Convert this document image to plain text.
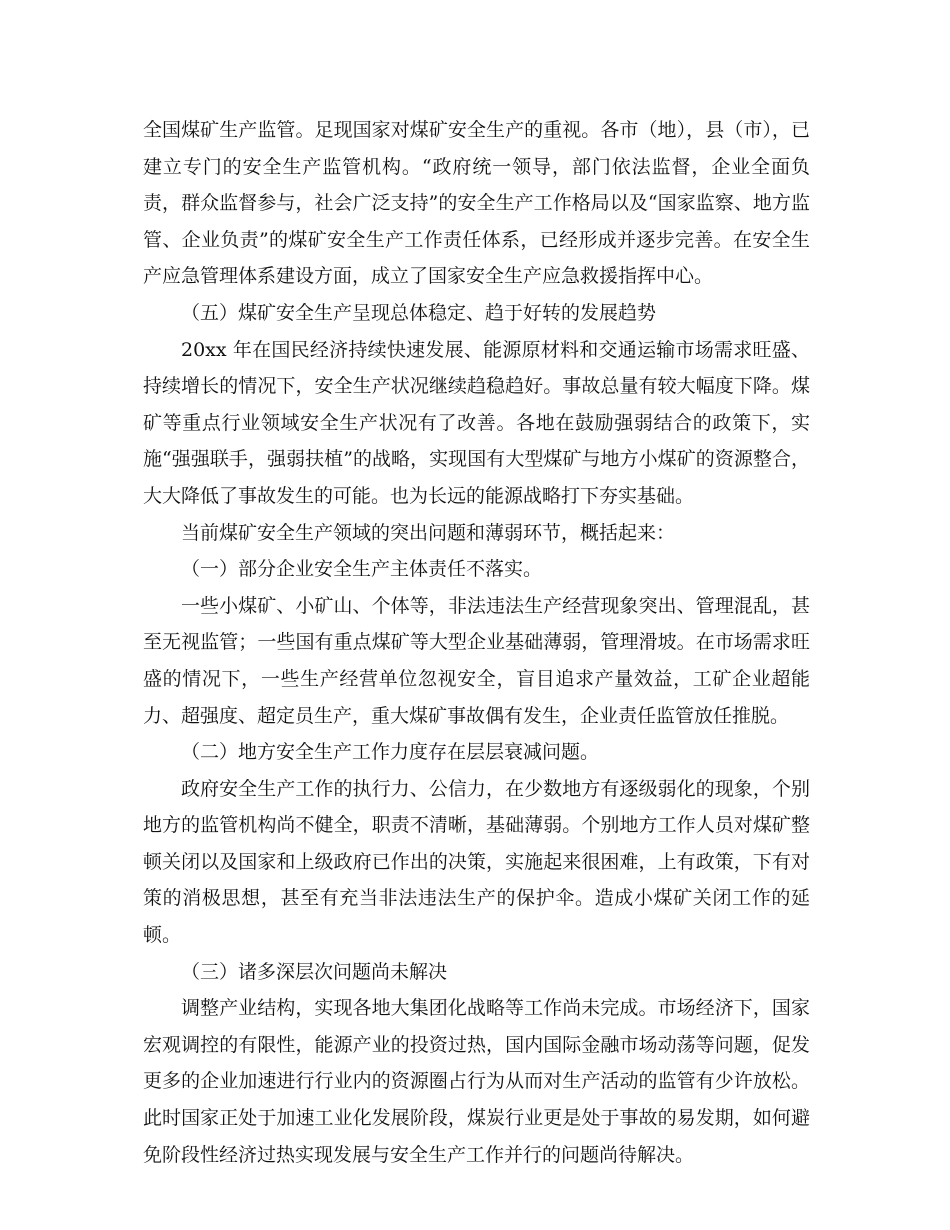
全国煤矿生产监管。足现国家对煤矿安全生产的重视。各市（地），县（市），已建立专门的安全生产监管机构。“政府统一领导，部门依法监督，企业全面负责，群众监督参与，社会广泛支持”的安全生产工作格局以及“国家监察、地方监管、企业负责”的煤矿安全生产工作责任体系，已经形成并逐步完善。在安全生产应急管理体系建设方面，成立了国家安全生产应急救援指挥中心。

（五）煤矿安全生产呈现总体稳定、趋于好转的发展趋势

20xx 年在国民经济持续快速发展、能源原材料和交通运输市场需求旺盛、持续增长的情况下，安全生产状况继续趋稳趋好。事故总量有较大幅度下降。煤矿等重点行业领域安全生产状况有了改善。各地在鼓励强弱结合的政策下，实施“强强联手，强弱扶植”的战略，实现国有大型煤矿与地方小煤矿的资源整合，大大降低了事故发生的可能。也为长远的能源战略打下夯实基础。

当前煤矿安全生产领域的突出问题和薄弱环节，概括起来：

（一）部分企业安全生产主体责任不落实。

一些小煤矿、小矿山、个体等，非法违法生产经营现象突出、管理混乱，甚至无视监管；一些国有重点煤矿等大型企业基础薄弱，管理滑坡。在市场需求旺盛的情况下，一些生产经营单位忽视安全，盲目追求产量效益，工矿企业超能力、超强度、超定员生产，重大煤矿事故偶有发生，企业责任监管放任推脱。

（二）地方安全生产工作力度存在层层衰减问题。

政府安全生产工作的执行力、公信力，在少数地方有逐级弱化的现象，个别地方的监管机构尚不健全，职责不清晰，基础薄弱。个别地方工作人员对煤矿整顿关闭以及国家和上级政府已作出的决策，实施起来很困难，上有政策，下有对策的消极思想，甚至有充当非法违法生产的保护伞。造成小煤矿关闭工作的延顿。

（三）诸多深层次问题尚未解决

调整产业结构，实现各地大集团化战略等工作尚未完成。市场经济下，国家宏观调控的有限性，能源产业的投资过热，国内国际金融市场动荡等问题，促发更多的企业加速进行行业内的资源圈占行为从而对生产活动的监管有少许放松。此时国家正处于加速工业化发展阶段，煤炭行业更是处于事故的易发期，如何避免阶段性经济过热实现发展与安全生产工作并行的问题尚待解决。
